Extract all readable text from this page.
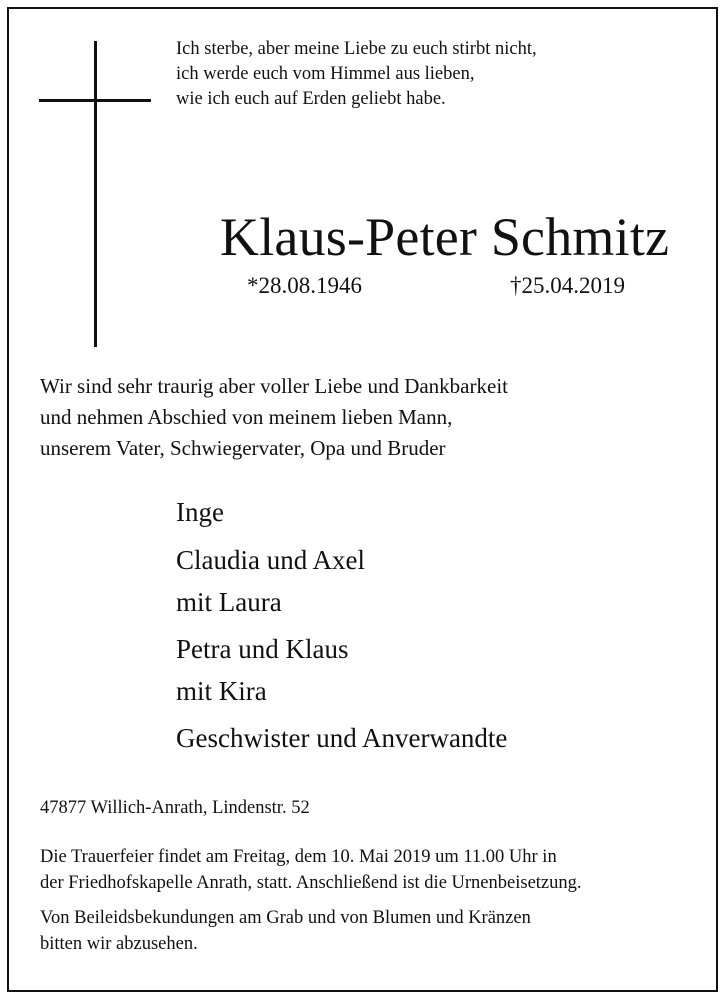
Ich sterbe, aber meine Liebe zu euch stirbt nicht,
ich werde euch vom Himmel aus lieben,
wie ich euch auf Erden geliebt habe.
Klaus-Peter Schmitz
*28.08.1946	†25.04.2019
Wir sind sehr traurig aber voller Liebe und Dankbarkeit
und nehmen Abschied von meinem lieben Mann,
unserem Vater, Schwiegervater, Opa und Bruder
Inge
Claudia und Axel
mit Laura
Petra und Klaus
mit Kira
Geschwister und Anverwandte
47877 Willich-Anrath, Lindenstr. 52
Die Trauerfeier findet am Freitag, dem 10. Mai 2019 um 11.00 Uhr in
der Friedhofskapelle Anrath, statt. Anschließend ist die Urnenbeisetzung.
Von Beileidsbekundungen am Grab und von Blumen und Kränzen
bitten wir abzusehen.
